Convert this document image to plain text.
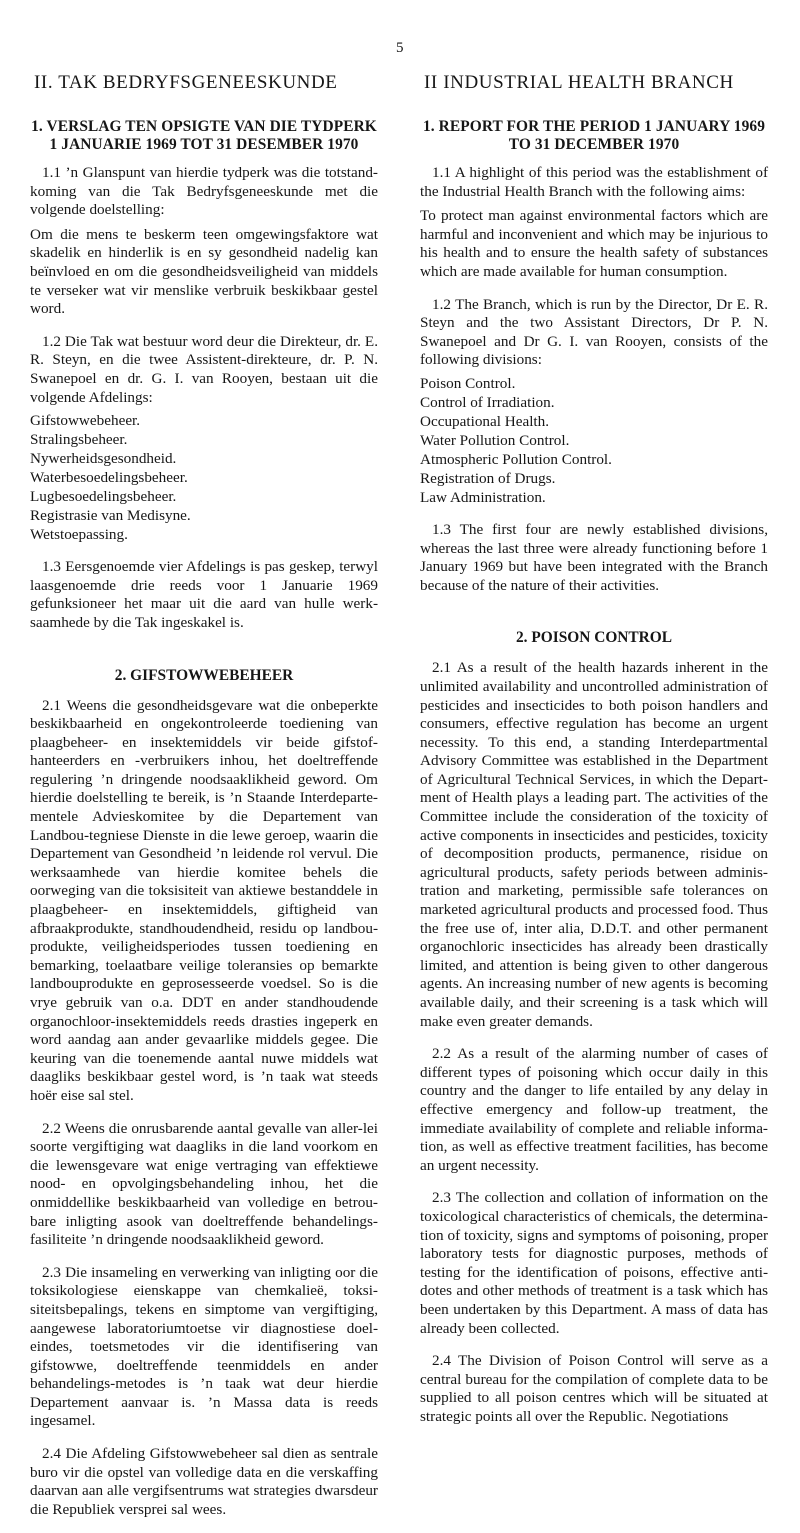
5
II. TAK BEDRYFSGENEESKUNDE
1. VERSLAG TEN OPSIGTE VAN DIE TYDPERK 1 JANUARIE 1969 TOT 31 DESEMBER 1970

1.1 ’n Glanspunt van hierdie tydperk was die totstand-koming van die Tak Bedryfsgeneeskunde met die volgende doelstelling:

Om die mens te beskerm teen omgewingsfaktore wat skadelik en hinderlik is en sy gesondheid nadelig kan beïnvloed en om die gesondheidsveiligheid van middels te verseker wat vir menslike verbruik beskikbaar gestel word.

1.2 Die Tak wat bestuur word deur die Direkteur, dr. E. R. Steyn, en die twee Assistent-direkteure, dr. P. N. Swanepoel en dr. G. I. van Rooyen, bestaan uit die volgende Afdelings:

Gifstowwebeheer.
Stralingsbeheer.
Nywerheidsgesondheid.
Waterbesoedelingsbeheer.
Lugbesoedelingsbeheer.
Registrasie van Medisyne.
Wetstoepassing.

1.3 Eersgenoemde vier Afdelings is pas geskep, terwyl laasgenoemde drie reeds voor 1 Januarie 1969 gefunksioneer het maar uit die aard van hulle werk-saamhede by die Tak ingeskakel is.

2. GIFSTOWWEBEHEER

2.1 Weens die gesondheidsgevare wat die onbeperkte beskikbaarheid en ongekontroleerde toediening van plaagbeheer- en insektemiddels vir beide gifstof-hanteerders en -verbruikers inhou, het doeltreffende regulering ’n dringende noodsaaklikheid geword. Om hierdie doelstelling te bereik, is ’n Staande Interdeparte-mentele Advieskomitee by die Departement van Landbou-tegniese Dienste in die lewe geroep, waarin die Departement van Gesondheid ’n leidende rol vervul. Die werksaamhede van hierdie komitee behels die oorweging van die toksisiteit van aktiewe bestanddele in plaagbeheer- en insektemiddels, giftigheid van afbraakprodukte, standhoudendheid, residu op landbou-produkte, veiligheidsperiodes tussen toediening en bemarking, toelaatbare veilige toleransies op bemarkte landbouprodukte en geprosesseerde voedsel. So is die vrye gebruik van o.a. DDT en ander standhoudende organochloor-insektemiddels reeds drasties ingeperk en word aandag aan ander gevaarlike middels gegee. Die keuring van die toenemende aantal nuwe middels wat daagliks beskikbaar gestel word, is ’n taak wat steeds hoër eise sal stel.

2.2 Weens die onrusbarende aantal gevalle van aller-lei soorte vergiftiging wat daagliks in die land voorkom en die lewensgevare wat enige vertraging van effektiewe nood- en opvolgingsbehandeling inhou, het die onmiddellike beskikbaarheid van volledige en betrou-bare inligting asook van doeltreffende behandelings-fasiliteite ’n dringende noodsaaklikheid geword.

2.3 Die insameling en verwerking van inligting oor die toksikologiese eienskappe van chemkalieë, toksi-siteitsbepalings, tekens en simptome van vergiftiging, aangewese laboratoriumtoetse vir diagnostiese doel-eindes, toetsmetodes vir die identifisering van gifstowwe, doeltreffende teenmiddels en ander behandelings-metodes is ’n taak wat deur hierdie Departement aanvaar is. ’n Massa data is reeds ingesamel.

2.4 Die Afdeling Gifstowwebeheer sal dien as sentrale buro vir die opstel van volledige data en die verskaffing daarvan aan alle vergifsentrums wat strategies dwarsdeur die Republiek versprei sal wees.

II INDUSTRIAL HEALTH BRANCH
1. REPORT FOR THE PERIOD 1 JANUARY 1969 TO 31 DECEMBER 1970

1.1 A highlight of this period was the establishment of the Industrial Health Branch with the following aims:

To protect man against environmental factors which are harmful and inconvenient and which may be injurious to his health and to ensure the health safety of substances which are made available for human consumption.

1.2 The Branch, which is run by the Director, Dr E. R. Steyn and the two Assistant Directors, Dr P. N. Swanepoel and Dr G. I. van Rooyen, consists of the following divisions:

Poison Control.
Control of Irradiation.
Occupational Health.
Water Pollution Control.
Atmospheric Pollution Control.
Registration of Drugs.
Law Administration.

1.3 The first four are newly established divisions, whereas the last three were already functioning before 1 January 1969 but have been integrated with the Branch because of the nature of their activities.

2. POISON CONTROL

2.1 As a result of the health hazards inherent in the unlimited availability and uncontrolled administration of pesticides and insecticides to both poison handlers and consumers, effective regulation has become an urgent necessity. To this end, a standing Interdepartmental Advisory Committee was established in the Department of Agricultural Technical Services, in which the Depart-ment of Health plays a leading part. The activities of the Committee include the consideration of the toxicity of active components in insecticides and pesticides, toxicity of decomposition products, permanence, risidue on agricultural products, safety periods between adminis-tration and marketing, permissible safe tolerances on marketed agricultural products and processed food. Thus the free use of, inter alia, D.D.T. and other permanent organochloric insecticides has already been drastically limited, and attention is being given to other dangerous agents. An increasing number of new agents is becoming available daily, and their screening is a task which will make even greater demands.

2.2 As a result of the alarming number of cases of different types of poisoning which occur daily in this country and the danger to life entailed by any delay in effective emergency and follow-up treatment, the immediate availability of complete and reliable informa-tion, as well as effective treatment facilities, has become an urgent necessity.

2.3 The collection and collation of information on the toxicological characteristics of chemicals, the determina-tion of toxicity, signs and symptoms of poisoning, proper laboratory tests for diagnostic purposes, methods of testing for the identification of poisons, effective anti-dotes and other methods of treatment is a task which has been undertaken by this Department. A mass of data has already been collected.

2.4 The Division of Poison Control will serve as a central bureau for the compilation of complete data to be supplied to all poison centres which will be situated at strategic points all over the Republic. Negotiations
